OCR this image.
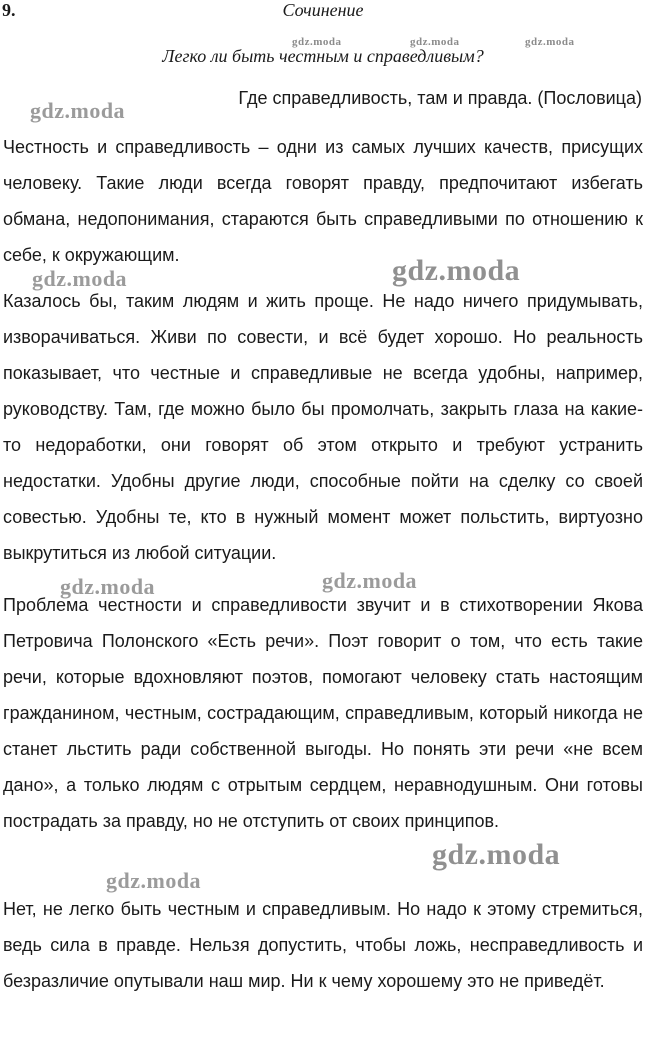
9.	Сочинение
Легко ли быть честным и справедливым?
Где справедливость, там и правда. (Пословица)

Честность и справедливость – одни из самых лучших качеств, присущих человеку. Такие люди всегда говорят правду, предпочитают избегать обмана, недопонимания, стараются быть справедливыми по отношению к себе, к окружающим.

Казалось бы, таким людям и жить проще. Не надо ничего придумывать, изворачиваться. Живи по совести, и всё будет хорошо. Но реальность показывает, что честные и справедливые не всегда удобны, например, руководству. Там, где можно было бы промолчать, закрыть глаза на какие-то недоработки, они говорят об этом открыто и требуют устранить недостатки. Удобны другие люди, способные пойти на сделку со своей совестью. Удобны те, кто в нужный момент может польстить, виртуозно выкрутиться из любой ситуации.

Проблема честности и справедливости звучит и в стихотворении Якова Петровича Полонского «Есть речи». Поэт говорит о том, что есть такие речи, которые вдохновляют поэтов, помогают человеку стать настоящим гражданином, честным, сострадающим, справедливым, который никогда не станет льстить ради собственной выгоды. Но понять эти речи «не всем дано», а только людям с отрытым сердцем, неравнодушным. Они готовы пострадать за правду, но не отступить от своих принципов.

Нет, не легко быть честным и справедливым. Но надо к этому стремиться, ведь сила в правде. Нельзя допустить, чтобы ложь, несправедливость и безразличие опутывали наш мир. Ни к чему хорошему это не приведёт.

gdz.moda	gdz.moda	gdz.moda
gdz.moda
gdz.moda	gdz.moda
gdz.moda	gdz.moda
gdz.moda
gdz.moda
